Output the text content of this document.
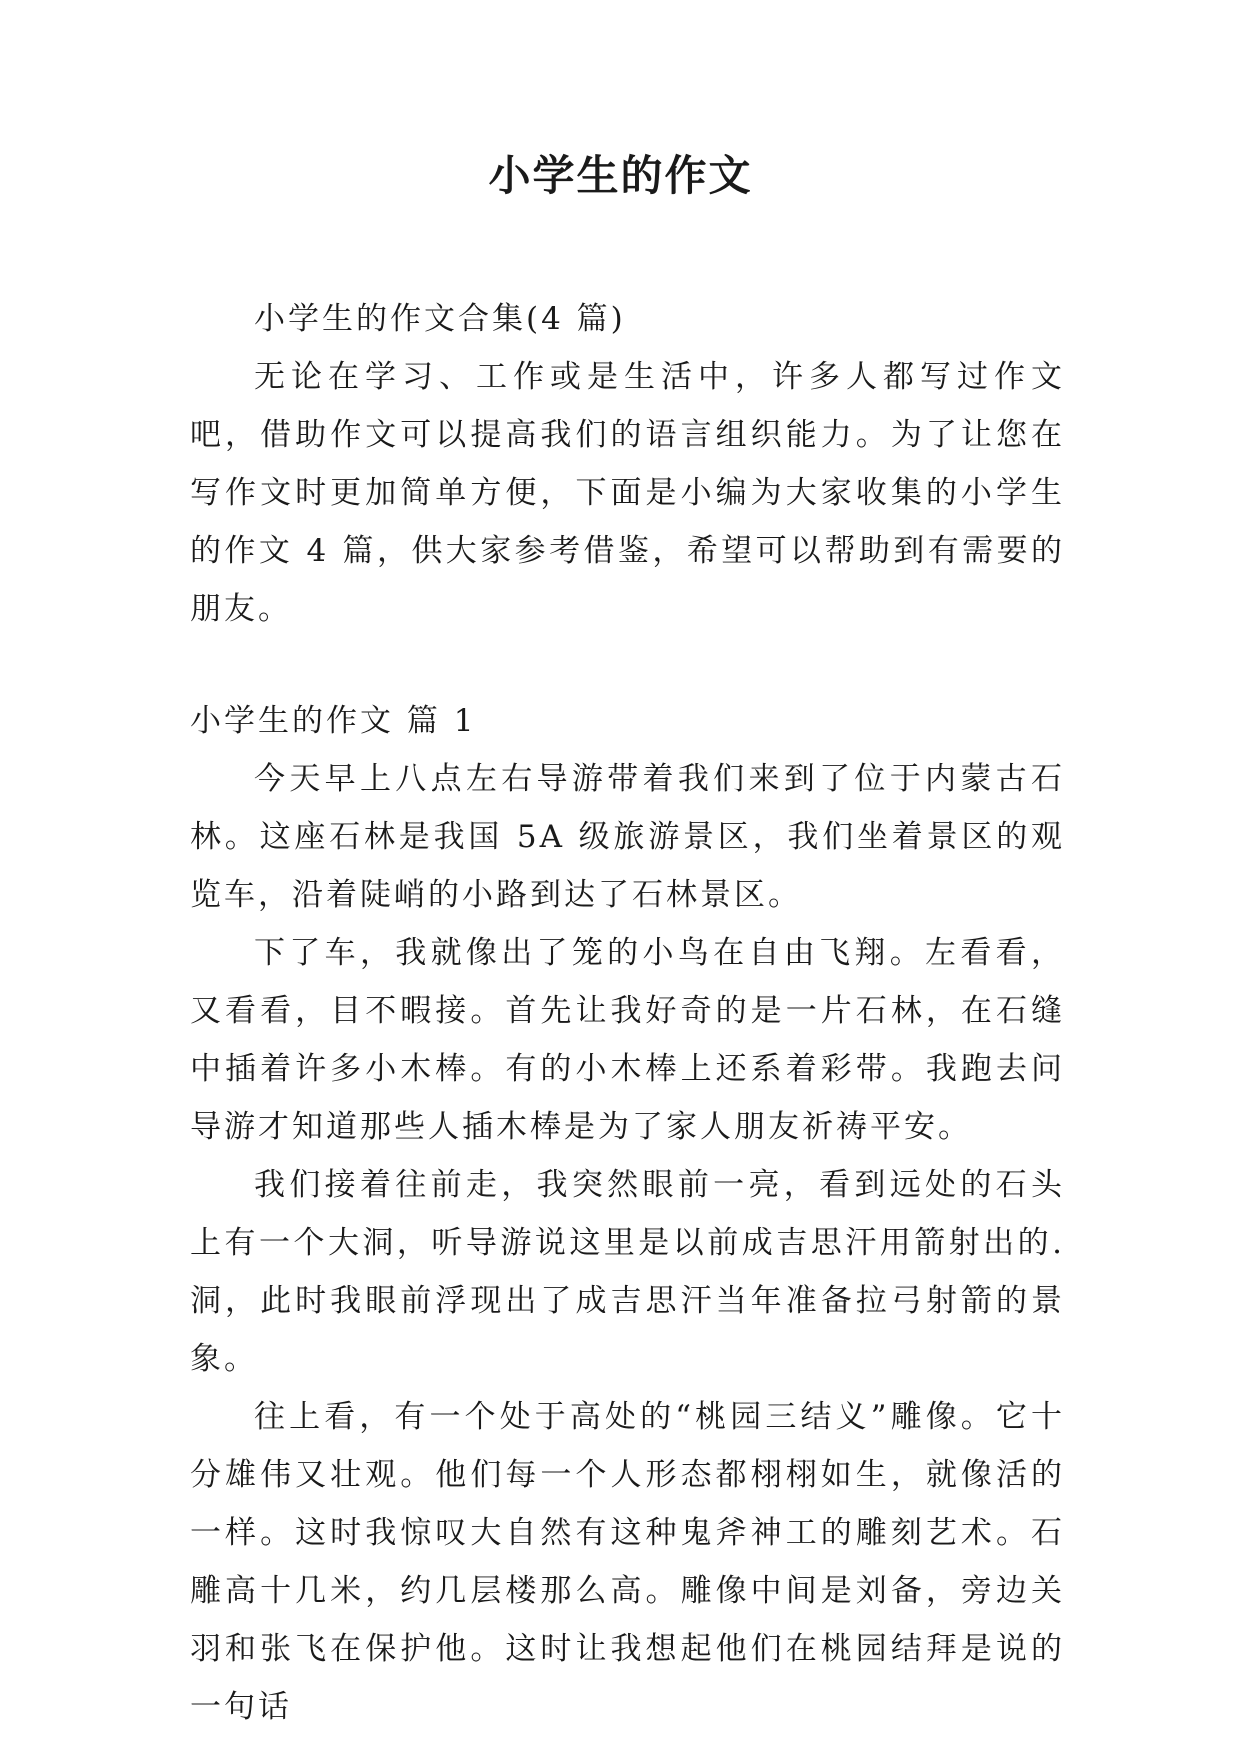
小学生的作文

小学生的作文合集(4 篇)

无论在学习、工作或是生活中，许多人都写过作文吧，借助作文可以提高我们的语言组织能力。为了让您在写作文时更加简单方便，下面是小编为大家收集的小学生的作文 4 篇，供大家参考借鉴，希望可以帮助到有需要的朋友。

小学生的作文 篇 1

今天早上八点左右导游带着我们来到了位于内蒙古石林。这座石林是我国 5A 级旅游景区，我们坐着景区的观览车，沿着陡峭的小路到达了石林景区。

下了车，我就像出了笼的小鸟在自由飞翔。左看看，又看看，目不暇接。首先让我好奇的是一片石林，在石缝中插着许多小木棒。有的小木棒上还系着彩带。我跑去问导游才知道那些人插木棒是为了家人朋友祈祷平安。

我们接着往前走，我突然眼前一亮，看到远处的石头上有一个大洞，听导游说这里是以前成吉思汗用箭射出的.洞，此时我眼前浮现出了成吉思汗当年准备拉弓射箭的景象。

往上看，有一个处于高处的“桃园三结义”雕像。它十分雄伟又壮观。他们每一个人形态都栩栩如生，就像活的一样。这时我惊叹大自然有这种鬼斧神工的雕刻艺术。石雕高十几米，约几层楼那么高。雕像中间是刘备，旁边关羽和张飞在保护他。这时让我想起他们在桃园结拜是说的一句话
